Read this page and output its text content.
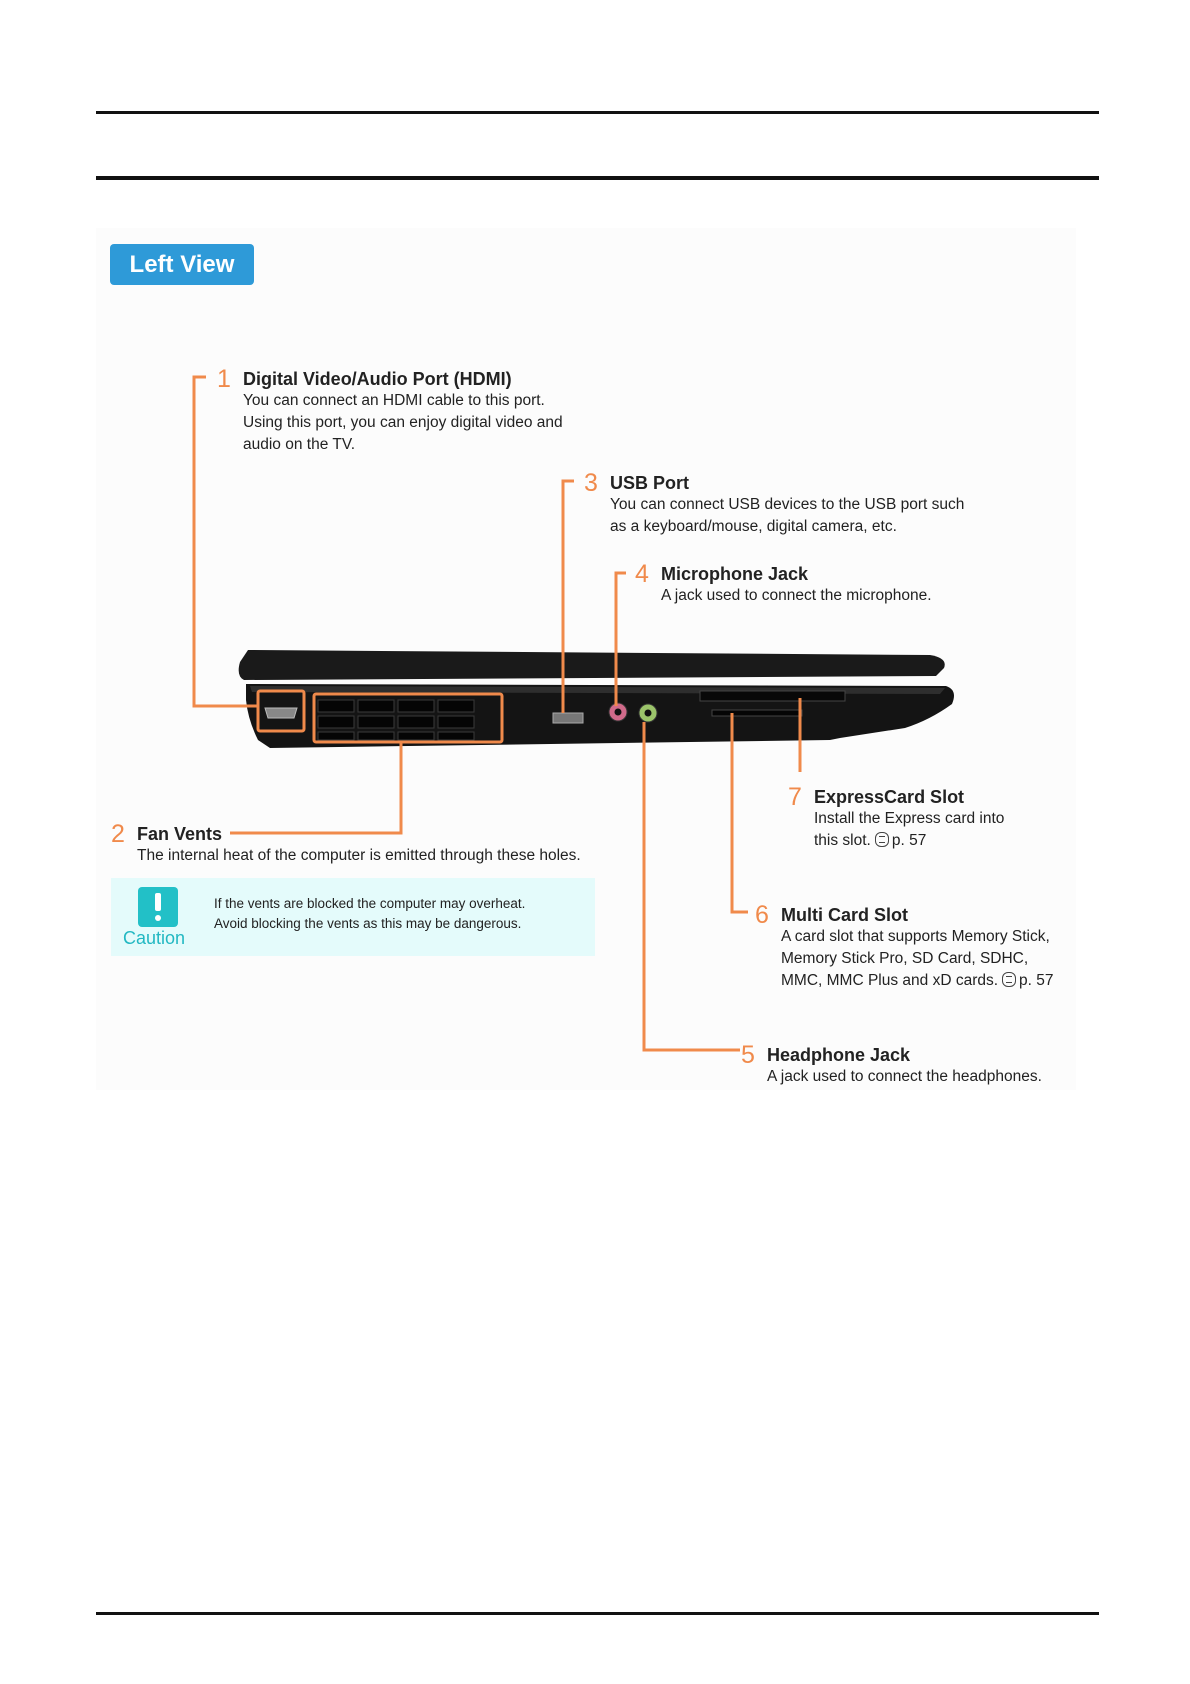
Left View
1 Digital Video/Audio Port (HDMI)
You can connect an HDMI cable to this port.
Using this port, you can enjoy digital video and
audio on the TV.
3 USB Port
You can connect USB devices to the USB port such
as a keyboard/mouse, digital camera, etc.
4 Microphone Jack
A jack used to connect the microphone.
7 ExpressCard Slot
Install the Express card into
this slot. p. 57
2 Fan Vents
The internal heat of the computer is emitted through these holes.
Caution
If the vents are blocked the computer may overheat.
Avoid blocking the vents as this may be dangerous.	6 Multi Card Slot
A card slot that supports Memory Stick,
Memory Stick Pro, SD Card, SDHC,
MMC, MMC Plus and xD cards. p. 57
5 Headphone Jack
A jack used to connect the headphones.
